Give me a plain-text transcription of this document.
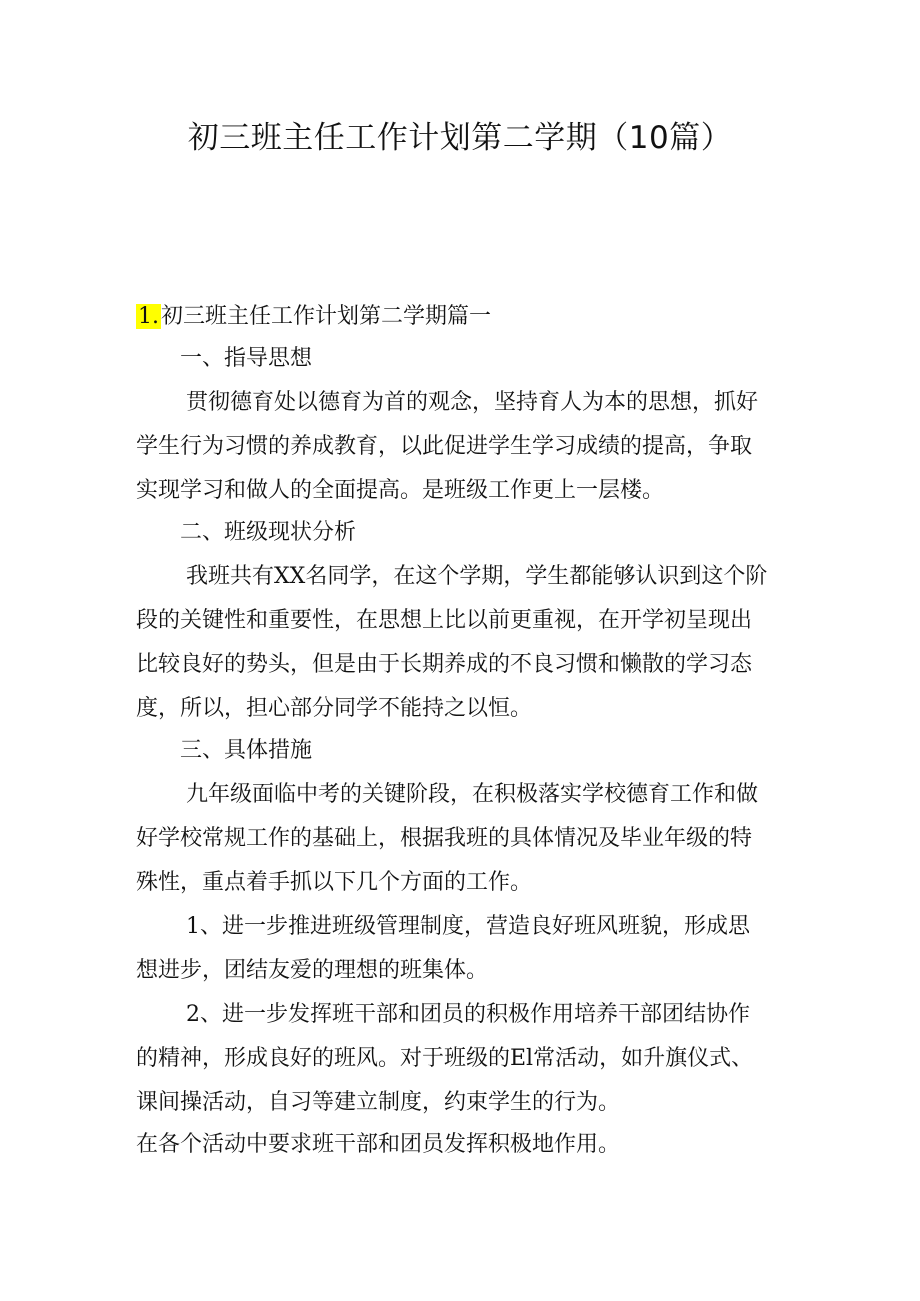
初三班主任工作计划第二学期（10篇）
1.初三班主任工作计划第二学期篇一
一、指导思想
贯彻德育处以德育为首的观念，坚持育人为本的思想，抓好
学生行为习惯的养成教育，以此促进学生学习成绩的提高，争取
实现学习和做人的全面提高。是班级工作更上一层楼。
二、班级现状分析
我班共有XX名同学，在这个学期，学生都能够认识到这个阶
段的关键性和重要性，在思想上比以前更重视，在开学初呈现出
比较良好的势头，但是由于长期养成的不良习惯和懒散的学习态
度，所以，担心部分同学不能持之以恒。
三、具体措施
九年级面临中考的关键阶段，在积极落实学校德育工作和做
好学校常规工作的基础上，根据我班的具体情况及毕业年级的特
殊性，重点着手抓以下几个方面的工作。
1、进一步推进班级管理制度，营造良好班风班貌，形成思
想进步，团结友爱的理想的班集体。
2、进一步发挥班干部和团员的积极作用培养干部团结协作
的精神，形成良好的班风。对于班级的El常活动，如升旗仪式、
课间操活动，自习等建立制度，约束学生的行为。
在各个活动中要求班干部和团员发挥积极地作用。
